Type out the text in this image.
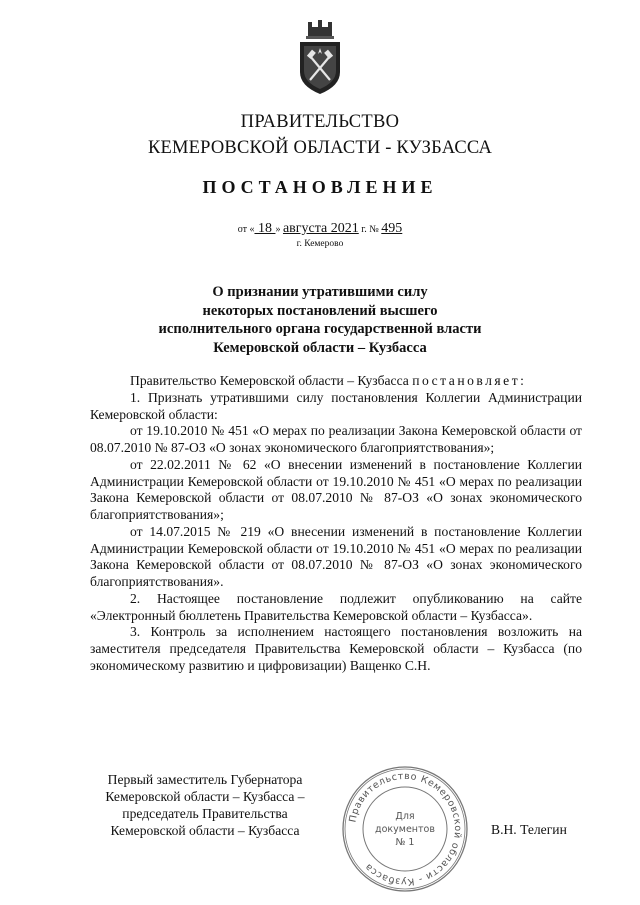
ПРАВИТЕЛЬСТВО
КЕМЕРОВСКОЙ ОБЛАСТИ - КУЗБАССА
ПОСТАНОВЛЕНИЕ
от « 18 » августа 2021 г. № 495
г. Кемерово
О признании утратившими силу
некоторых постановлений высшего
исполнительного органа государственной власти
Кемеровской области – Кузбасса

Правительство Кемеровской области – Кузбасса постановляет:

1. Признать утратившими силу постановления Коллегии Администрации Кемеровской области:

от 19.10.2010 № 451 «О мерах по реализации Закона Кемеровской области от 08.07.2010 № 87-ОЗ «О зонах экономического благоприятствования»;

от 22.02.2011 № 62 «О внесении изменений в постановление Коллегии Администрации Кемеровской области от 19.10.2010 № 451 «О мерах по реализации Закона Кемеровской области от 08.07.2010 № 87-ОЗ «О зонах экономического благоприятствования»;

от 14.07.2015 № 219 «О внесении изменений в постановление Коллегии Администрации Кемеровской области от 19.10.2010 № 451 «О мерах по реализации Закона Кемеровской области от 08.07.2010 № 87-ОЗ «О зонах экономического благоприятствования».

2. Настоящее постановление подлежит опубликованию на сайте «Электронный бюллетень Правительства Кемеровской области – Кузбасса».

3. Контроль за исполнением настоящего постановления возложить на заместителя председателя Правительства Кемеровской области – Кузбасса (по экономическому развитию и цифровизации) Ващенко С.Н.

Первый заместитель Губернатора
Кемеровской области – Кузбасса –
председатель Правительства
Кемеровской области – Кузбасса	В.Н. Телегин
Правительство Кемеровской области - Кузбасса
Для
документов
№ 1
